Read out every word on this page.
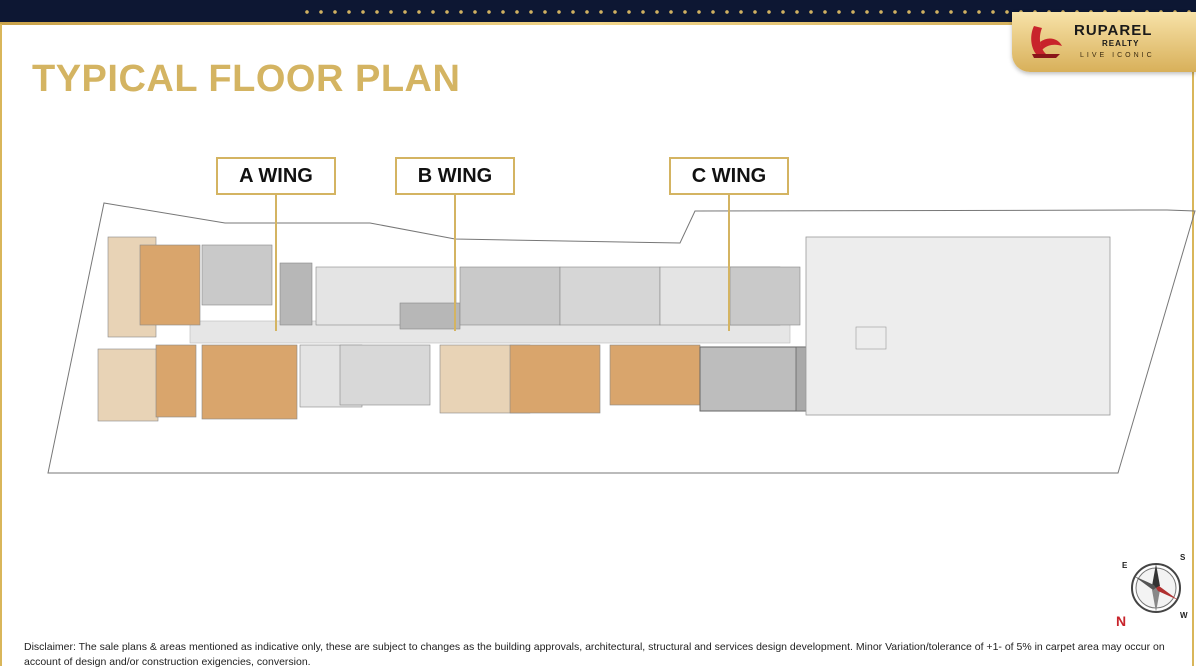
RUPAREL
REALTY
LIVE ICONIC
TYPICAL FLOOR PLAN
A WING	B WING	C WING
E
S
W
N
Disclaimer: The sale plans & areas mentioned as indicative only, these are subject to changes as the building approvals, architectural, structural and services design development. Minor Variation/tolerance of +1- of 5% in carpet area may occur on account of design and/or construction exigencies, conversion.
